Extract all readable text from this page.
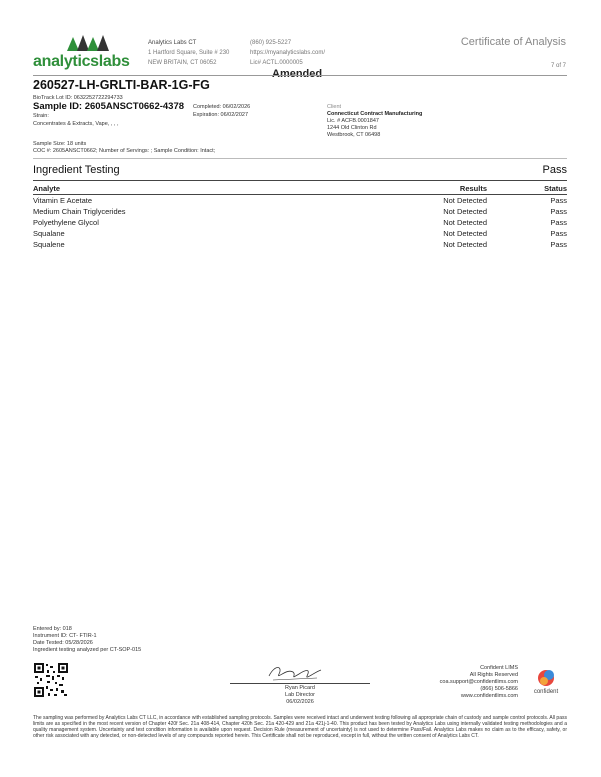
analyticslabs
Analytics Labs CT
1 Hartford Square, Suite # 230
NEW BRITAIN, CT 06052
(860) 925-5227
https://myanalyticslabs.com/
Lic# ACTL.0000005
Certificate of Analysis
Amended
7 of 7
260527-LH-GRLTI-BAR-1G-FG
BioTrack Lot ID: 0632252722294733
Sample ID: 2605ANSCT0662-4378
Strain:
Concentrates & Extracts, Vape, , , ,
Completed: 06/02/2026
Expiration: 06/02/2027
Client
Connecticut Contract Manufacturing
Lic. # ACFB.0001847
1244 Old Clinton Rd
Westbrook, CT 06498
Sample Size: 18 units
COC #: 2605ANSCT0662; Number of Servings: ; Sample Condition: Intact;
Ingredient Testing	Pass
Analyte	Results	Status
Vitamin E Acetate	Not Detected	Pass
Medium Chain Triglycerides	Not Detected	Pass
Polyethylene Glycol	Not Detected	Pass
Squalane	Not Detected	Pass
Squalene	Not Detected	Pass
Entered by: 018
Instrument ID: CT- FTIR-1
Date Tested: 05/28/2026
Ingredient testing analyzed per CT-SOP-015
Ryan Picard
Lab Director
06/02/2026
Confident LIMS
All Rights Reserved
coa.support@confidentlims.com
(866) 506-5866
www.confidentlims.com
confident
The sampling was performed by Analytics Labs CT LLC, in accordance with established sampling protocols. Samples were received intact and underwent testing following all appropriate chain of custody and sample control protocols. All pass limits are as specified in the most recent version of Chapter 420f Sec. 21a 408-414, Chapter 420h Sec. 21a 420-429 and 21a 421j-1-40. This product has been tested by Analytics Labs using internally validated testing methodologies and a quality management system. Uncertainty and test condition information is available upon request. Decision Rule (measurement of uncertainty) is not used to determine Pass/Fail. Analytics Labs makes no claim as to the efficacy, safety, or other risk associated with any detected, or non-detected levels of any compounds reported herein. This Certificate shall not be reproduced, except in full, without the written consent of Analytics Labs CT.
